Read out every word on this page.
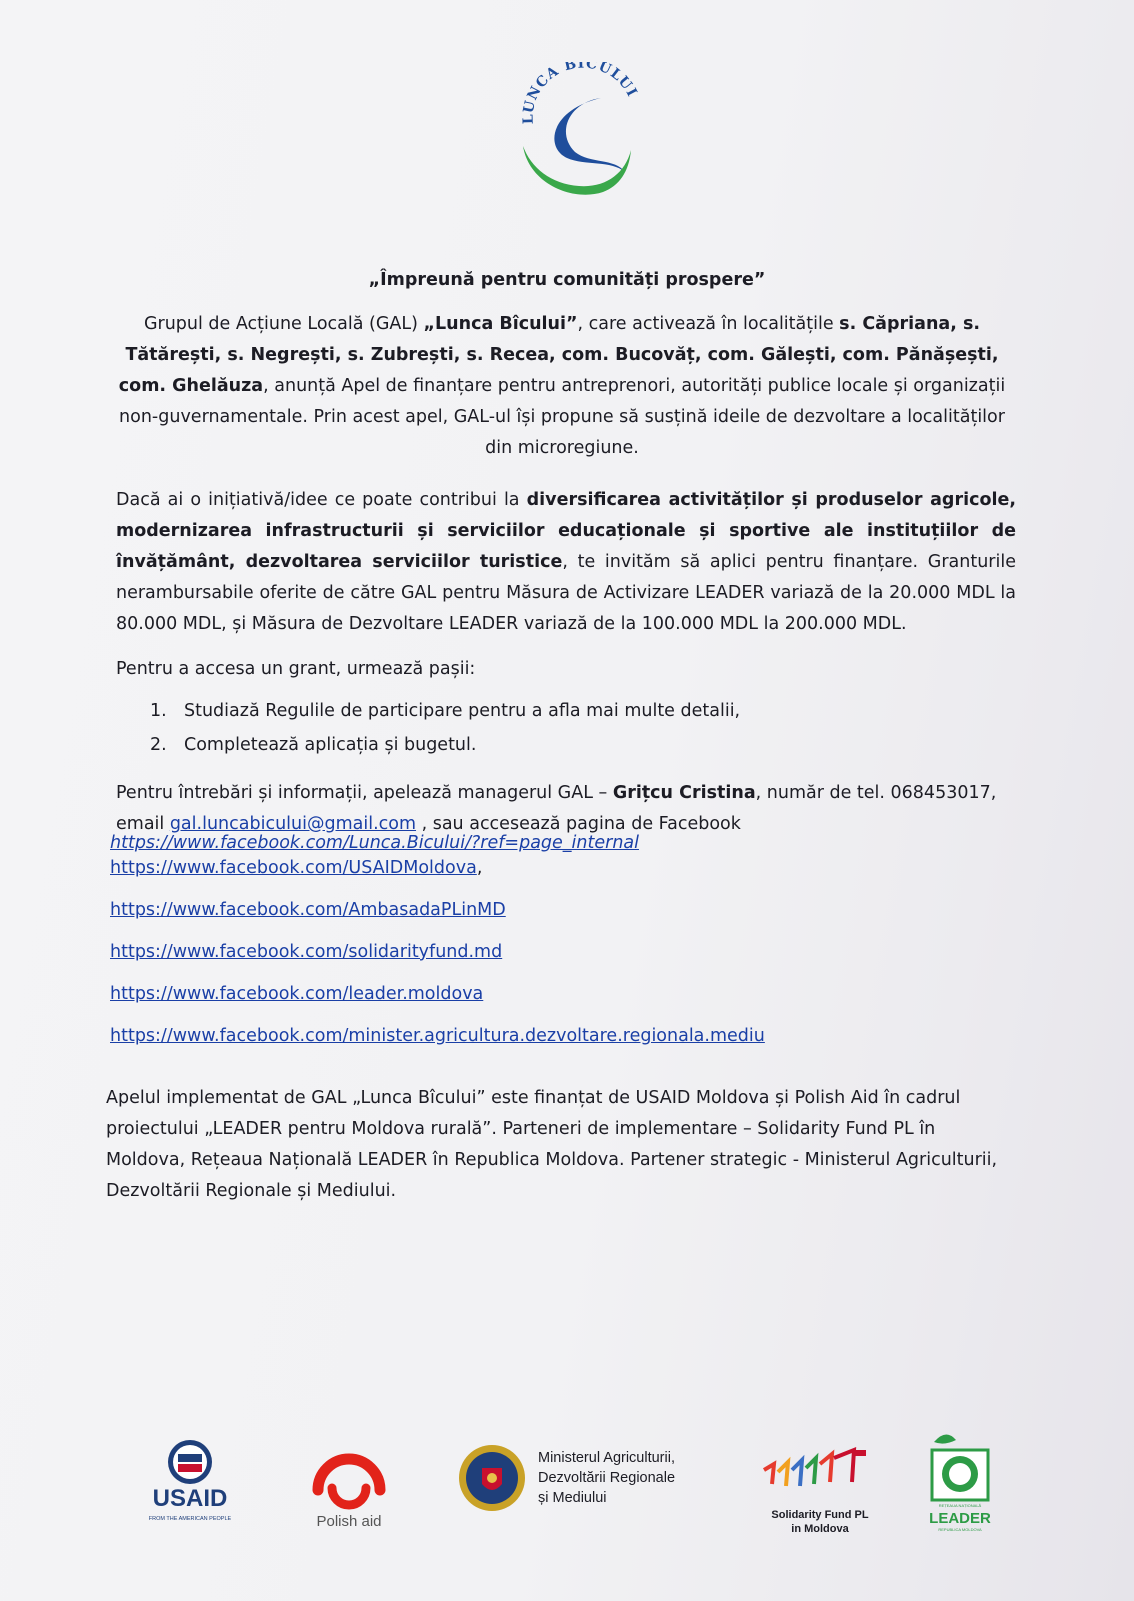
LUNCA BÎCULUI
„Împreună pentru comunități prospere”
Grupul de Acțiune Locală (GAL) „Lunca Bîcului”, care activează în localitățile s. Căpriana, s. Tătărești, s. Negrești, s. Zubrești, s. Recea, com. Bucovăț, com. Gălești, com. Pănășești, com. Ghelăuza, anunță Apel de finanțare pentru antreprenori, autorități publice locale și organizații non-guvernamentale. Prin acest apel, GAL-ul își propune să susțină ideile de dezvoltare a localităților din microregiune.
Dacă ai o inițiativă/idee ce poate contribui la diversificarea activităților și produselor agricole, modernizarea infrastructurii și serviciilor educaționale și sportive ale instituțiilor de învățământ, dezvoltarea serviciilor turistice, te invităm să aplici pentru finanțare. Granturile nerambursabile oferite de către GAL pentru Măsura de Activizare LEADER variază de la 20.000 MDL la 80.000 MDL, și Măsura de Dezvoltare LEADER variază de la 100.000 MDL la 200.000 MDL.
Pentru a accesa un grant, urmează pașii:
1. Studiază Regulile de participare pentru a afla mai multe detalii,
2. Completează aplicația și bugetul.
Pentru întrebări și informații, apelează managerul GAL – Grițcu Cristina, număr de tel. 068453017, email gal.luncabicului@gmail.com , sau accesează pagina de Facebook
https://www.facebook.com/Lunca.Bicului/?ref=page_internal
https://www.facebook.com/USAIDMoldova,
https://www.facebook.com/AmbasadaPLinMD
https://www.facebook.com/solidarityfund.md
https://www.facebook.com/leader.moldova
https://www.facebook.com/minister.agricultura.dezvoltare.regionala.mediu
Apelul implementat de GAL „Lunca Bîcului” este finanțat de USAID Moldova și Polish Aid în cadrul proiectului „LEADER pentru Moldova rurală”. Parteneri de implementare – Solidarity Fund PL în Moldova, Rețeaua Națională LEADER în Republica Moldova. Partener strategic - Ministerul Agriculturii, Dezvoltării Regionale și Mediului.
USAID
FROM THE AMERICAN PEOPLE	Polish aid
Ministerul Agriculturii,
Dezvoltării Regionale
și Mediului
Solidarity Fund PL
in Moldova
REȚEAUA NAȚIONALĂ
LEADER
REPUBLICA MOLDOVA
